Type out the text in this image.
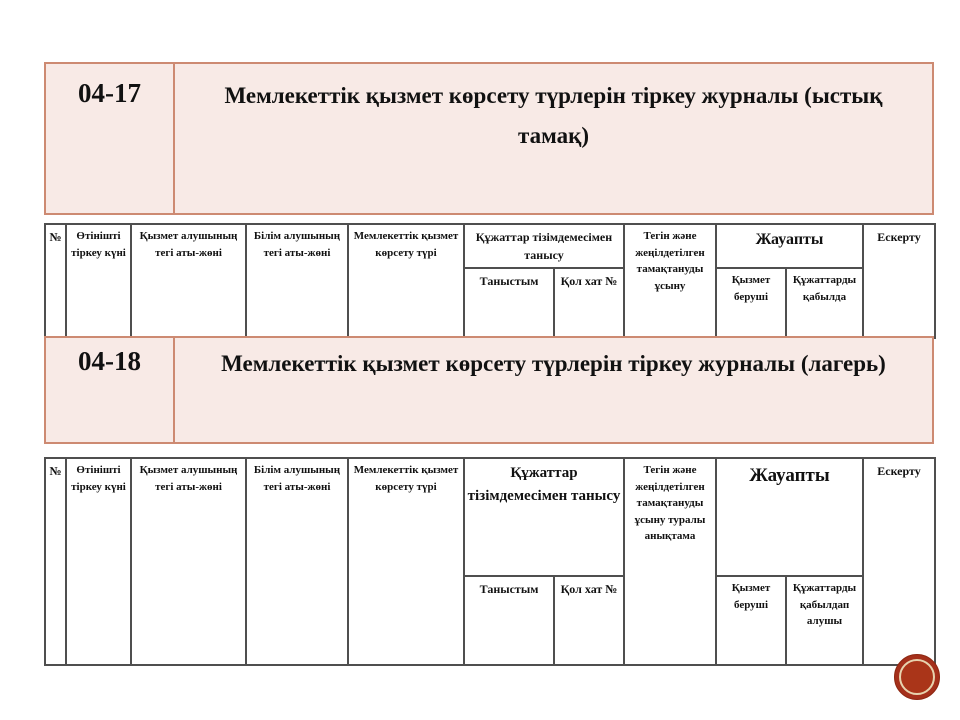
04-17	Мемлекеттік қызмет көрсету түрлерін тіркеу журналы (ыстық тамақ)
№	Өтінішті тіркеу күні	Қызмет алушының тегі аты-жөні	Білім алушының тегі аты-жөні	Мемлекеттік қызмет көрсету түрі	Құжаттар тізімдемесімен танысу		Тегін және жеңілдетілген тамақтануды ұсыну	Жауапты		Ескерту
					Таныстым	Қол хат №		Қызмет беруші	Құжаттарды қабылда	
04-18	Мемлекеттік қызмет көрсету түрлерін тіркеу журналы (лагерь)
№	Өтінішті тіркеу күні	Қызмет алушының тегі аты-жөні	Білім алушының тегі аты-жөні	Мемлекеттік қызмет көрсету түрі	Құжаттар тізімдемесімен танысу		Тегін және жеңілдетілген тамақтануды ұсыну туралы анықтама	Жауапты		Ескерту
					Таныстым	Қол хат №		Қызмет беруші	Құжаттарды қабылдап алушы	
